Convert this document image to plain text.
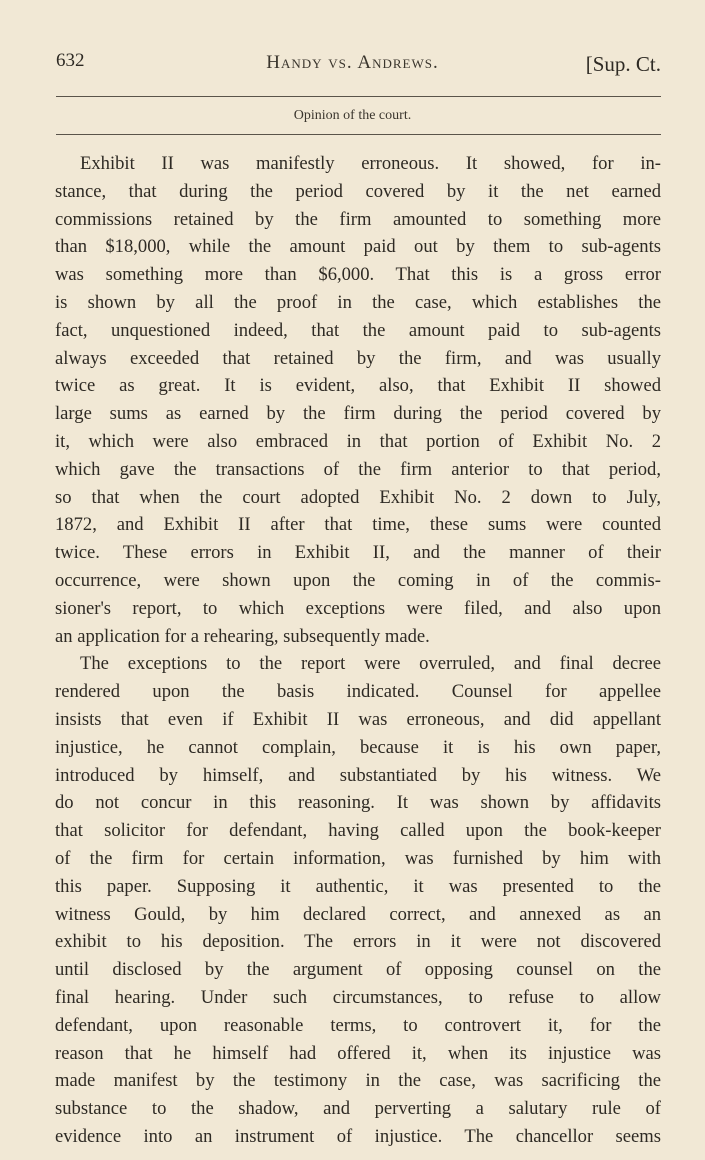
632	Handy vs. Andrews.	[Sup. Ct.
Opinion of the court.
Exhibit II was manifestly erroneous. It showed, for in-
stance, that during the period covered by it the net earned
commissions retained by the firm amounted to something more
than $18,000, while the amount paid out by them to sub-agents
was something more than $6,000. That this is a gross error
is shown by all the proof in the case, which establishes the
fact, unquestioned indeed, that the amount paid to sub-agents
always exceeded that retained by the firm, and was usually
twice as great. It is evident, also, that Exhibit II showed
large sums as earned by the firm during the period covered by
it, which were also embraced in that portion of Exhibit No. 2
which gave the transactions of the firm anterior to that period,
so that when the court adopted Exhibit No. 2 down to July,
1872, and Exhibit II after that time, these sums were counted
twice. These errors in Exhibit II, and the manner of their
occurrence, were shown upon the coming in of the commis-
sioner's report, to which exceptions were filed, and also upon
an application for a rehearing, subsequently made.
The exceptions to the report were overruled, and final decree
rendered upon the basis indicated. Counsel for appellee
insists that even if Exhibit II was erroneous, and did appellant
injustice, he cannot complain, because it is his own paper,
introduced by himself, and substantiated by his witness. We
do not concur in this reasoning. It was shown by affidavits
that solicitor for defendant, having called upon the book-keeper
of the firm for certain information, was furnished by him with
this paper. Supposing it authentic, it was presented to the
witness Gould, by him declared correct, and annexed as an
exhibit to his deposition. The errors in it were not discovered
until disclosed by the argument of opposing counsel on the
final hearing. Under such circumstances, to refuse to allow
defendant, upon reasonable terms, to controvert it, for the
reason that he himself had offered it, when its injustice was
made manifest by the testimony in the case, was sacrificing the
substance to the shadow, and perverting a salutary rule of
evidence into an instrument of injustice. The chancellor seems
